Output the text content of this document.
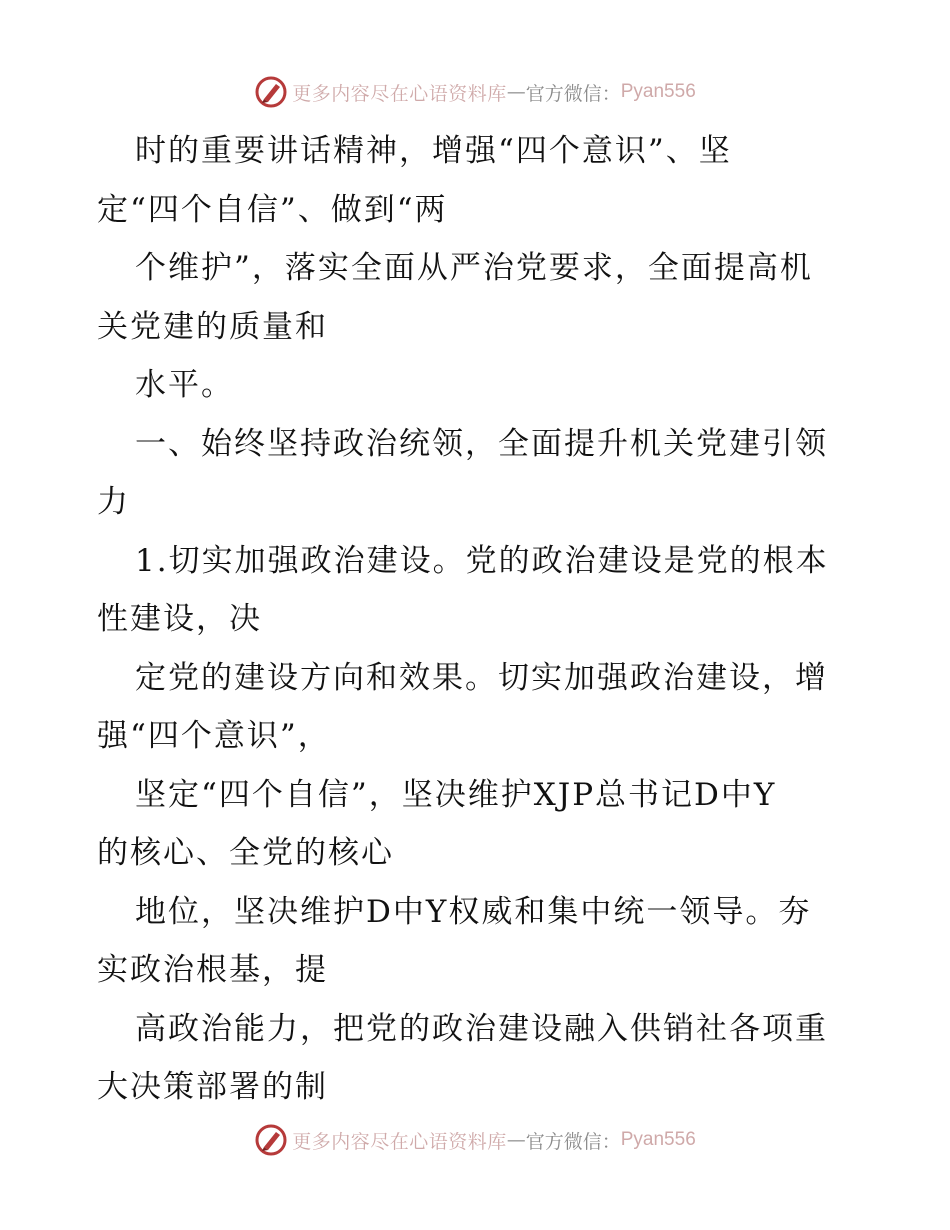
更多内容尽在心语资料库 — 官方微信： Pyan556
时的重要讲话精神，增强“四个意识”、坚
定“四个自信”、做到“两
个维护”，落实全面从严治党要求，全面提高机
关党建的质量和
水平。
一、始终坚持政治统领，全面提升机关党建引领
力
1.切实加强政治建设。党的政治建设是党的根本
性建设，决
定党的建设方向和效果。切实加强政治建设，增
强“四个意识”，
坚定“四个自信”，坚决维护XJP总书记D中Y
的核心、全党的核心
地位，坚决维护D中Y权威和集中统一领导。夯
实政治根基，提
高政治能力，把党的政治建设融入供销社各项重
大决策部署的制
更多内容尽在心语资料库 — 官方微信： Pyan556
